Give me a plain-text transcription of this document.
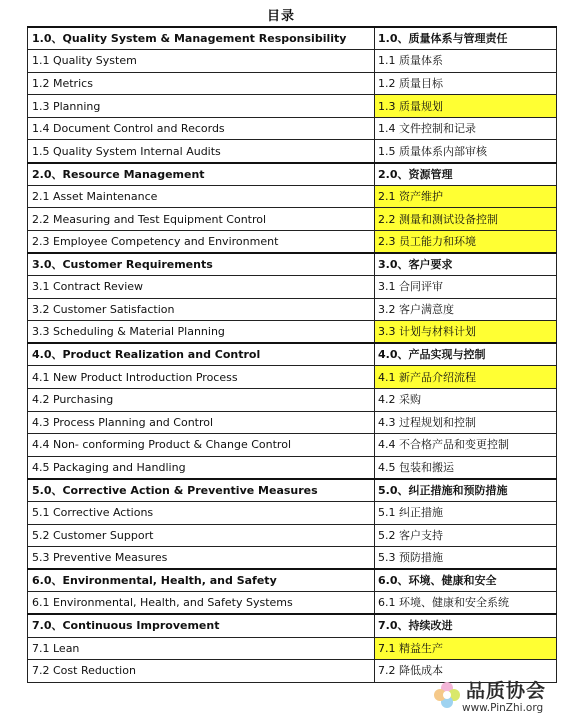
目录
1.0、Quality System & Management Responsibility	1.0、质量体系与管理责任
1.1 Quality System	1.1 质量体系
1.2 Metrics	1.2 质量目标
1.3 Planning	1.3 质量规划
1.4 Document Control and Records	1.4 文件控制和记录
1.5 Quality System Internal Audits	1.5 质量体系内部审核
2.0、Resource Management	2.0、资源管理
2.1 Asset Maintenance	2.1 资产维护
2.2 Measuring and Test Equipment Control	2.2 测量和测试设备控制
2.3 Employee Competency and Environment	2.3 员工能力和环境
3.0、Customer Requirements	3.0、客户要求
3.1 Contract Review	3.1 合同评审
3.2 Customer Satisfaction	3.2 客户满意度
3.3 Scheduling & Material Planning	3.3 计划与材料计划
4.0、Product Realization and Control	4.0、产品实现与控制
4.1 New Product Introduction Process	4.1 新产品介绍流程
4.2 Purchasing	4.2 采购
4.3 Process Planning and Control	4.3 过程规划和控制
4.4 Non- conforming Product & Change Control	4.4 不合格产品和变更控制
4.5 Packaging and Handling	4.5 包装和搬运
5.0、Corrective Action & Preventive Measures	5.0、纠正措施和预防措施
5.1 Corrective Actions	5.1 纠正措施
5.2 Customer Support	5.2 客户支持
5.3 Preventive Measures	5.3 预防措施
6.0、Environmental, Health, and Safety	6.0、环境、健康和安全
6.1 Environmental, Health, and Safety Systems	6.1 环境、健康和安全系统
7.0、Continuous Improvement	7.0、持续改进
7.1 Lean	7.1 精益生产
7.2 Cost Reduction	7.2 降低成本
品质协会
www.PinZhi.org
